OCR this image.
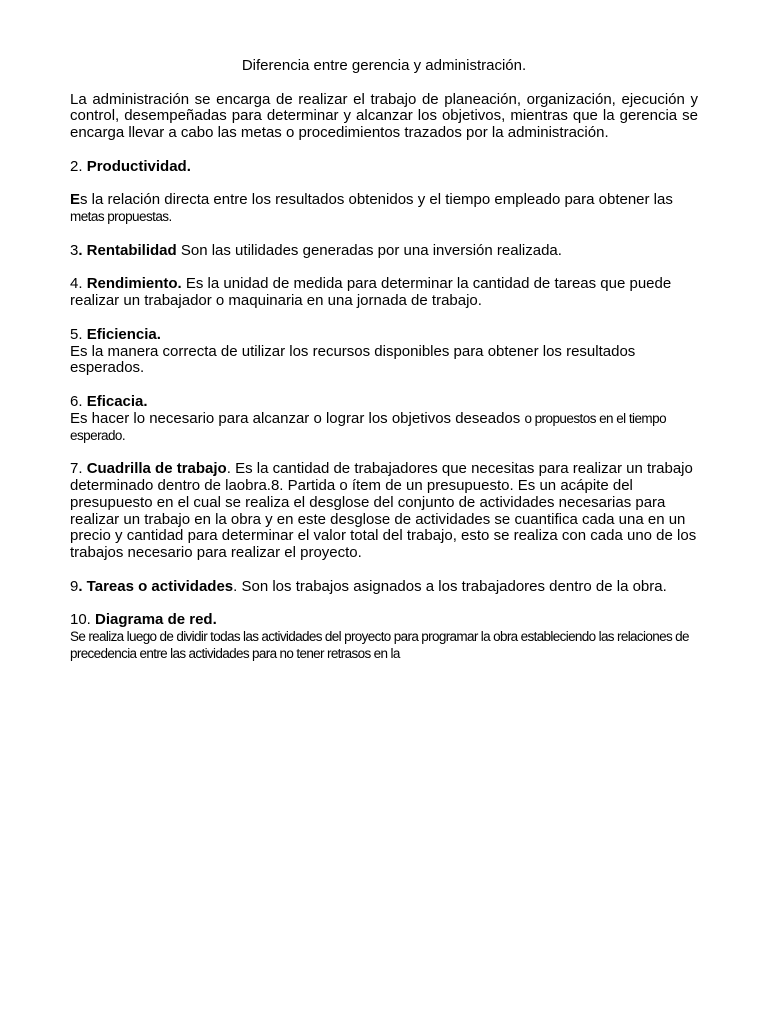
Diferencia entre gerencia y administración.

La administración se encarga de realizar el trabajo de planeación, organización, ejecución y control, desempeñadas para determinar y alcanzar los objetivos, mientras que la gerencia se encarga llevar a cabo las metas o procedimientos trazados por la administración.

2. Productividad.

Es la relación directa entre los resultados obtenidos y el tiempo empleado para obtener las
metas propuestas.

3. Rentabilidad Son las utilidades generadas por una inversión realizada.

4. Rendimiento. Es la unidad de medida para determinar la cantidad de tareas que puede realizar un trabajador o maquinaria en una jornada de trabajo.

5. Eficiencia.

Es la manera correcta de utilizar los recursos disponibles para obtener los resultados esperados.

6. Eficacia.

Es hacer lo necesario para alcanzar o lograr los objetivos deseados o propuestos en el tiempo esperado.

7. Cuadrilla de trabajo. Es la cantidad de trabajadores que necesitas para realizar un trabajo determinado dentro de laobra.8. Partida o ítem de un presupuesto. Es un acápite del presupuesto en el cual se realiza el desglose del conjunto de actividades necesarias para realizar un trabajo en la obra y en este desglose de actividades se cuantifica cada una en un precio y cantidad para determinar el valor total del trabajo, esto se realiza con cada uno de los trabajos necesario para realizar el proyecto.

9. Tareas o actividades. Son los trabajos asignados a los trabajadores dentro de la obra.

10. Diagrama de red.

Se realiza luego de dividir todas las actividades del proyecto para programar la obra estableciendo las relaciones de precedencia entre las actividades para no tener retrasos en la
